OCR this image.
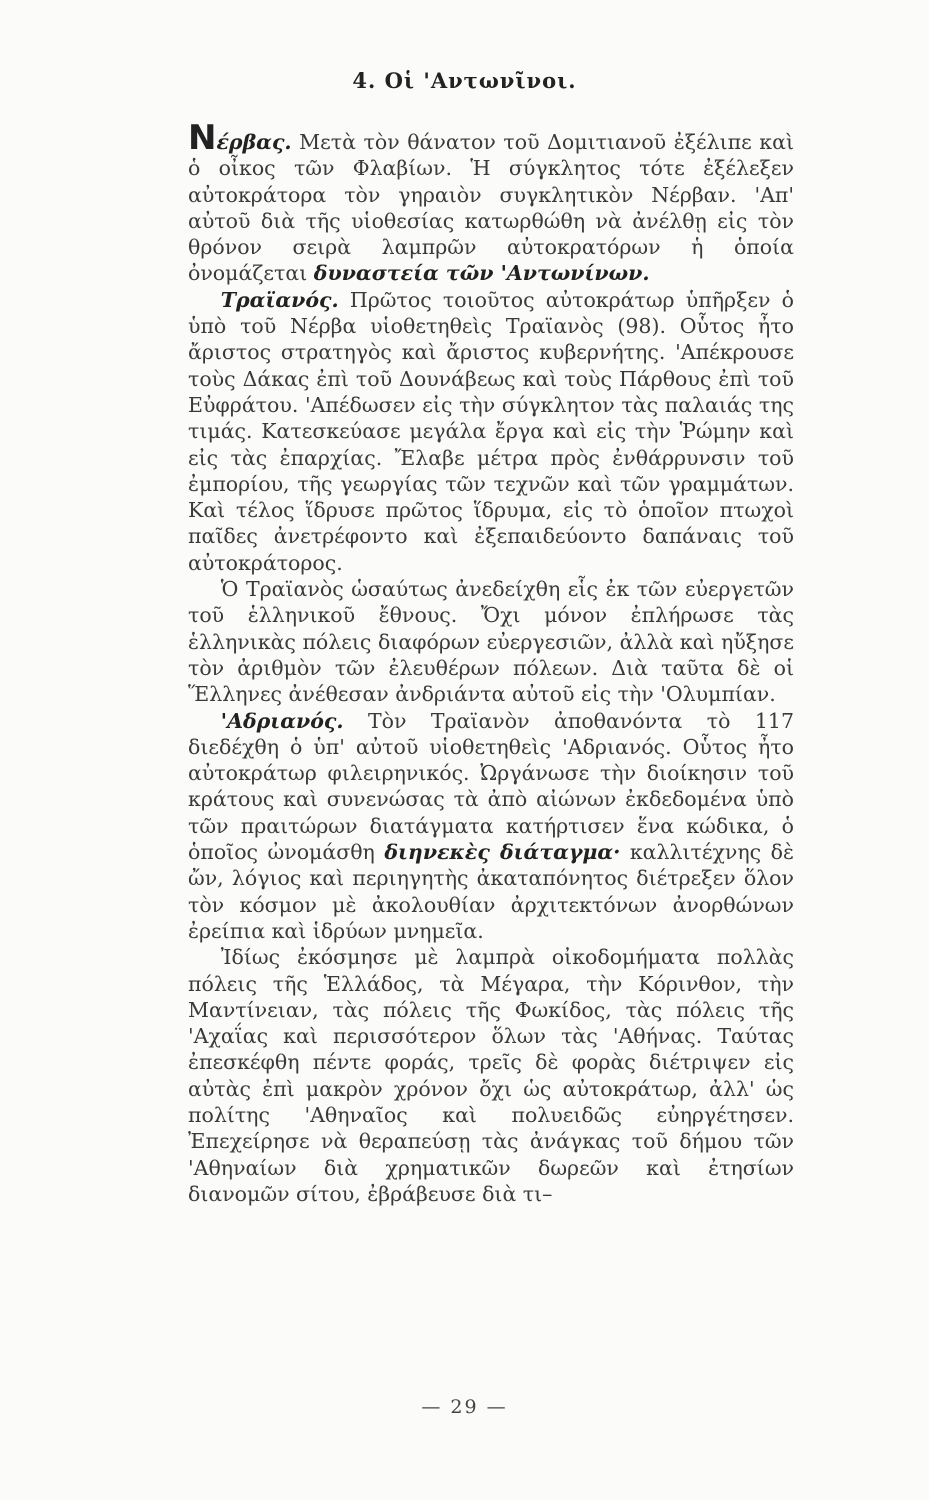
4. Οἱ 'Αντωνῖνοι.

Νέρβας. Μετὰ τὸν θάνατον τοῦ Δομιτιανοῦ ἐξέλιπε καὶ ὁ οἶκος τῶν Φλαβίων. Ἡ σύγκλητος τότε ἐξέλεξεν αὐτοκράτορα τὸν γηραιὸν συγκλητικὸν Νέρβαν. 'Απ' αὐτοῦ διὰ τῆς υἱοθεσίας κατωρθώθη νὰ ἀνέλθῃ εἰς τὸν θρόνον σειρὰ λαμπρῶν αὐτοκρατόρων ἡ ὁποία ὀνομάζεται δυναστεία τῶν 'Αντωνίνων.

Τραϊανός. Πρῶτος τοιοῦτος αὐτοκράτωρ ὑπῆρξεν ὁ ὑπὸ τοῦ Νέρβα υἱοθετηθεὶς Τραϊανὸς (98). Οὗτος ἦτο ἄριστος στρατηγὸς καὶ ἄριστος κυβερνήτης. 'Απέκρουσε τοὺς Δάκας ἐπὶ τοῦ Δουνάβεως καὶ τοὺς Πάρθους ἐπὶ τοῦ Εὐφράτου. 'Απέδωσεν εἰς τὴν σύγκλητον τὰς παλαιάς της τιμάς. Κατεσκεύασε μεγάλα ἔργα καὶ εἰς τὴν Ῥώμην καὶ εἰς τὰς ἐπαρχίας. Ἔλαβε μέτρα πρὸς ἐνθάρρυνσιν τοῦ ἐμπορίου, τῆς γεωργίας τῶν τεχνῶν καὶ τῶν γραμμάτων. Καὶ τέλος ἵδρυσε πρῶτος ἵδρυμα, εἰς τὸ ὁποῖον πτωχοὶ παῖδες ἀνετρέφοντο καὶ ἐξεπαιδεύοντο δαπάναις τοῦ αὐτοκράτορος.

Ὁ Τραϊανὸς ὡσαύτως ἀνεδείχθη εἷς ἐκ τῶν εὐεργετῶν τοῦ ἑλληνικοῦ ἔθνους. Ὄχι μόνον ἐπλήρωσε τὰς ἑλληνικὰς πόλεις διαφόρων εὐεργεσιῶν, ἀλλὰ καὶ ηὔξησε τὸν ἀριθμὸν τῶν ἐλευθέρων πόλεων. Διὰ ταῦτα δὲ οἱ Ἕλληνες ἀνέθεσαν ἀνδριάντα αὐτοῦ εἰς τὴν 'Ολυμπίαν.

'Αδριανός. Τὸν Τραϊανὸν ἀποθανόντα τὸ 117 διεδέχθη ὁ ὑπ' αὐτοῦ υἱοθετηθεὶς 'Αδριανός. Οὗτος ἦτο αὐτοκράτωρ φιλειρηνικός. Ὠργάνωσε τὴν διοίκησιν τοῦ κράτους καὶ συνενώσας τὰ ἀπὸ αἰώνων ἐκδεδομένα ὑπὸ τῶν πραιτώρων διατάγματα κατήρτισεν ἕνα κώδικα, ὁ ὁποῖος ὠνομάσθη διηνεκὲς διάταγμα· καλλιτέχνης δὲ ὤν, λόγιος καὶ περιηγητὴς ἀκαταπόνητος διέτρεξεν ὅλον τὸν κόσμον μὲ ἀκολουθίαν ἀρχιτεκτόνων ἀνορθώνων ἐρείπια καὶ ἱδρύων μνημεῖα.

Ἰδίως ἐκόσμησε μὲ λαμπρὰ οἰκοδομήματα πολλὰς πόλεις τῆς Ἑλλάδος, τὰ Μέγαρα, τὴν Κόρινθον, τὴν Μαντίνειαν, τὰς πόλεις τῆς Φωκίδος, τὰς πόλεις τῆς 'Αχαΐας καὶ περισσότερον ὅλων τὰς 'Αθήνας. Ταύτας ἐπεσκέφθη πέντε φοράς, τρεῖς δὲ φορὰς διέτριψεν εἰς αὐτὰς ἐπὶ μακρὸν χρόνον ὄχι ὡς αὐτοκράτωρ, ἀλλ' ὡς πολίτης 'Αθηναῖος καὶ πολυειδῶς εὐηργέτησεν. Ἐπεχείρησε νὰ θεραπεύσῃ τὰς ἀνάγκας τοῦ δήμου τῶν 'Αθηναίων διὰ χρηματικῶν δωρεῶν καὶ ἐτησίων διανομῶν σίτου, ἐβράβευσε διὰ τι–

— 29 —
